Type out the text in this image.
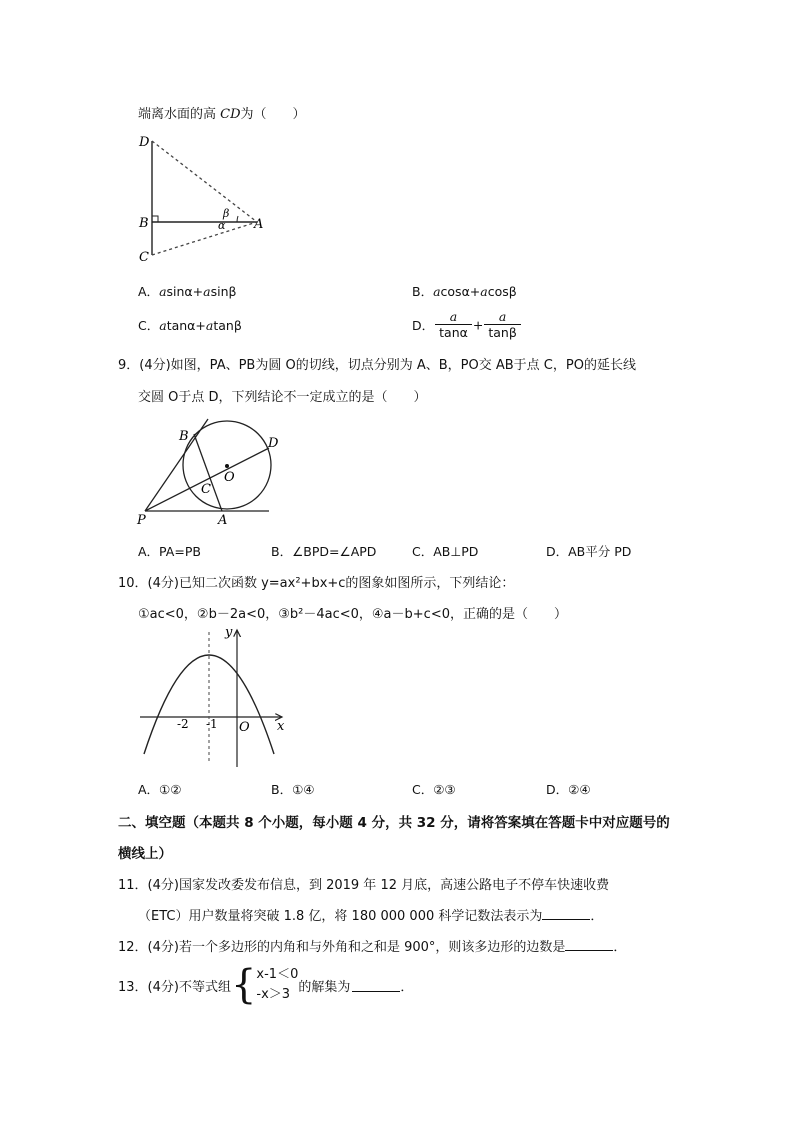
端离水面的高 CD为（　　）
D
B
C
A
α
β
A．asinα+asinβ	B．acosα+acosβ
C．atanα+atanβ	D． $\frac{a}{\tan\alpha} + \frac{a}{\tan\beta}$
9．(4分)如图，PA、PB为圆 O的切线，切点分别为 A、B，PO交 AB于点 C，PO的延长线
交圆 O于点 D，下列结论不一定成立的是（　　）
B	D
O
C
P	A
A．PA=PB	B．∠BPD=∠APD	C．AB⊥PD	D．AB平分 PD
10．(4分)已知二次函数 y=ax²+bx+c的图象如图所示，下列结论：
①ac<0，②b－2a<0，③b²－4ac<0，④a－b+c<0，正确的是（　　）
y
x
O
-2 -1
A．①②	B．①④	C．②③	D．②④
二、填空题（本题共 8 个小题，每小题 4 分，共 32 分，请将答案填在答题卡中对应题号的
横线上）
11．(4分)国家发改委发布信息，到 2019 年 12 月底，高速公路电子不停车快速收费
（ETC）用户数量将突破 1.8 亿，将 180 000 000 科学记数法表示为	．
12．(4分)若一个多边形的内角和与外角和之和是 900°，则该多边形的边数是	．
13．(4分)不等式组 { x-1＜0
-x＞3 的解集为	．
